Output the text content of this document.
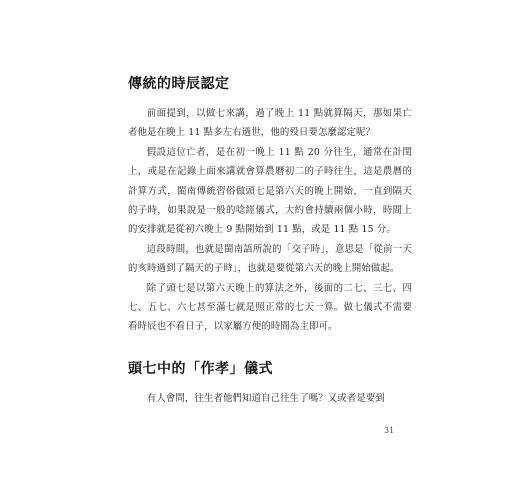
傳統的時辰認定

前面提到，以做七來講，過了晚上 11 點就算隔天，那如果亡者他是在晚上 11 點多左右過世，他的殁日要怎麼認定呢？

假設這位亡者，是在初一晚上 11 點 20 分往生，通常在計閏上，或是在記錄上面來講就會算農曆初二的子時往生，這是農曆的計算方式，閩南傳統習俗做頭七是第六天的晚上開始，一直到隔天的子時，如果說是一般的唸經儀式，大約會持續兩個小時，時間上的安排就是從初六晚上 9 點開始到 11 點，或是 11 點 15 分。

這段時間，也就是閩南語所說的「交子時」，意思是「從前一天的亥時過到了隔天的子時」，也就是要從第六天的晚上開始做起。

除了頭七是以第六天晚上的算法之外，後面的二七、三七、四七、五七、六七甚至滿七就是照正常的七天一算。做七儀式不需要看時辰也不看日子，以家屬方便的時間為主即可。

頭七中的「作孝」儀式

有人會問，往生者他們知道自己往生了嗎？又或者是要到

31
